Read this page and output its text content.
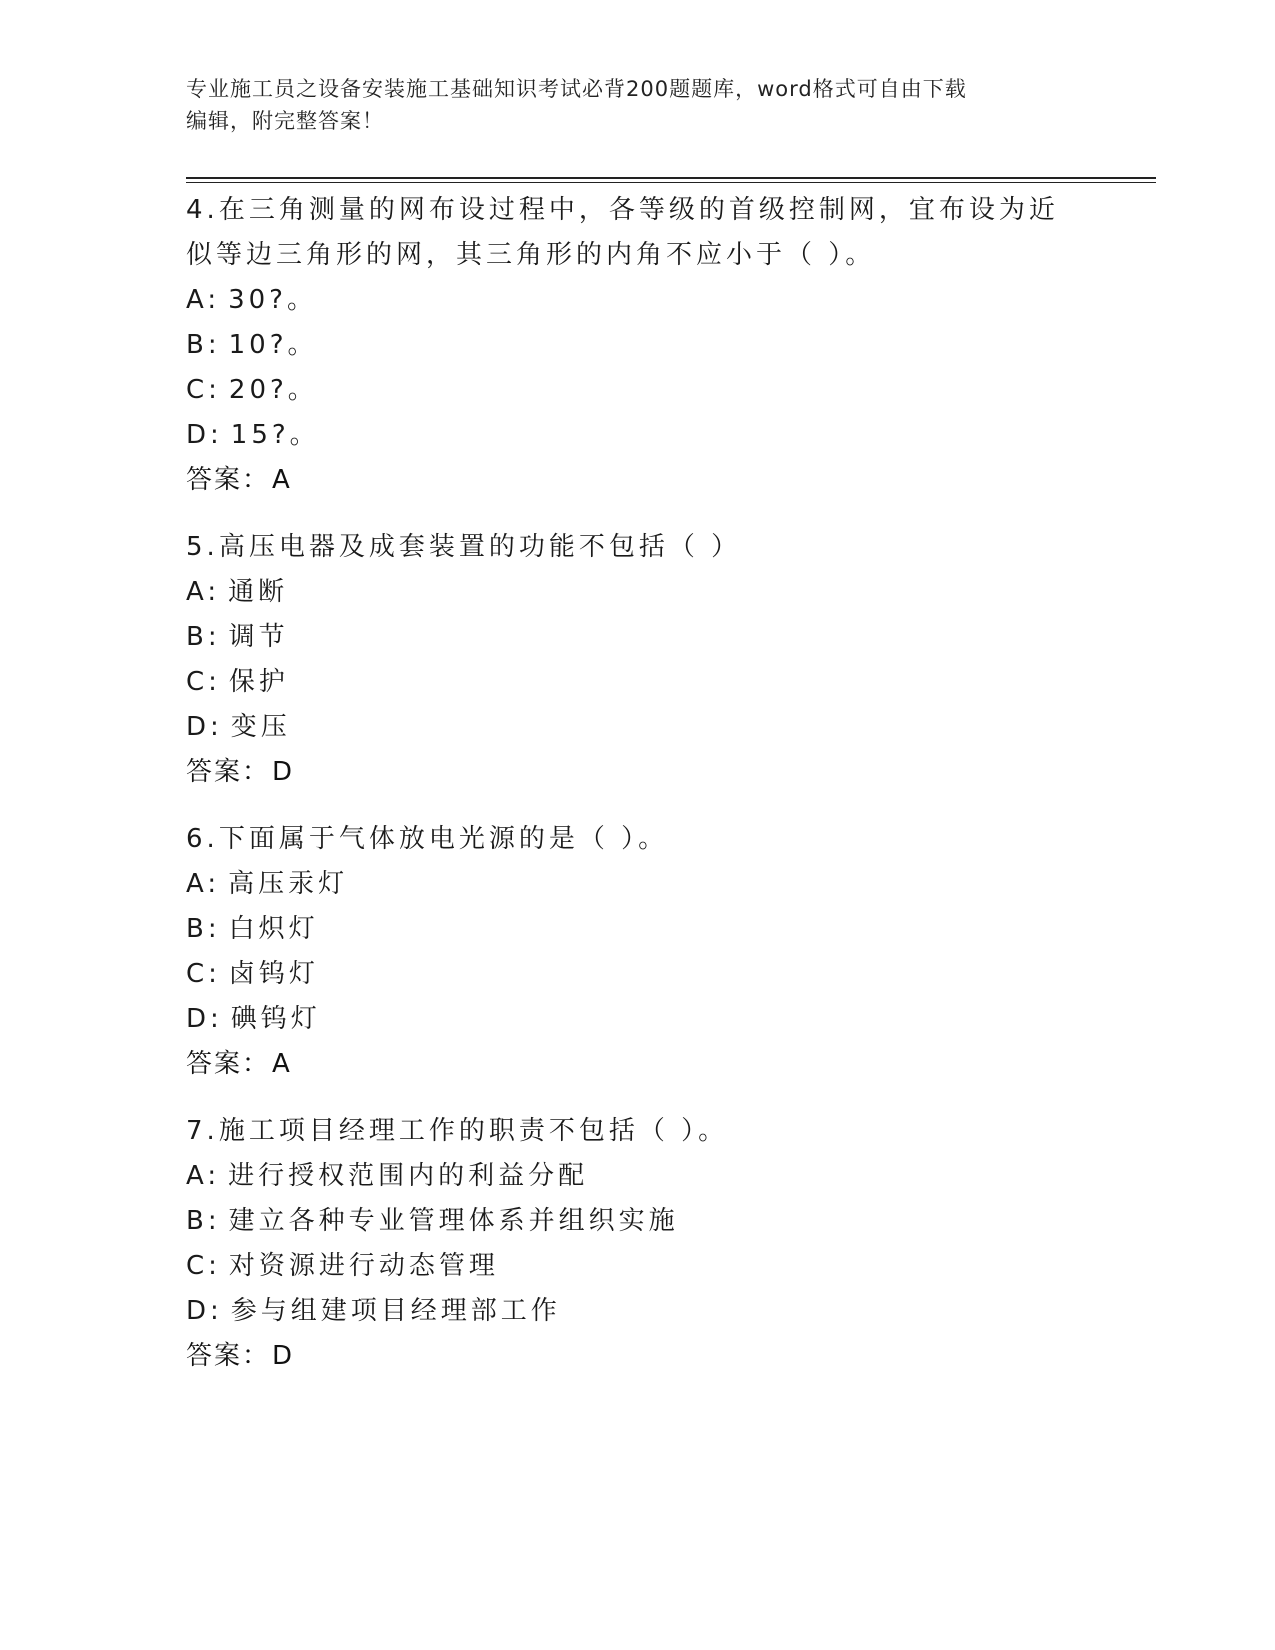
专业施工员之设备安装施工基础知识考试必背200题题库，word格式可自由下载
编辑，附完整答案！
4.在三角测量的网布设过程中，各等级的首级控制网，宜布设为近似等边三角形的网，其三角形的内角不应小于（ ）。
A: 30?。
B: 10?。
C: 20?。
D: 15?。
答案：A
5.高压电器及成套装置的功能不包括（ ）
A: 通断
B: 调节
C: 保护
D: 变压
答案：D
6.下面属于气体放电光源的是（ ）。
A: 高压汞灯
B: 白炽灯
C: 卤钨灯
D: 碘钨灯
答案：A
7.施工项目经理工作的职责不包括（ ）。
A: 进行授权范围内的利益分配
B: 建立各种专业管理体系并组织实施
C: 对资源进行动态管理
D: 参与组建项目经理部工作
答案：D
